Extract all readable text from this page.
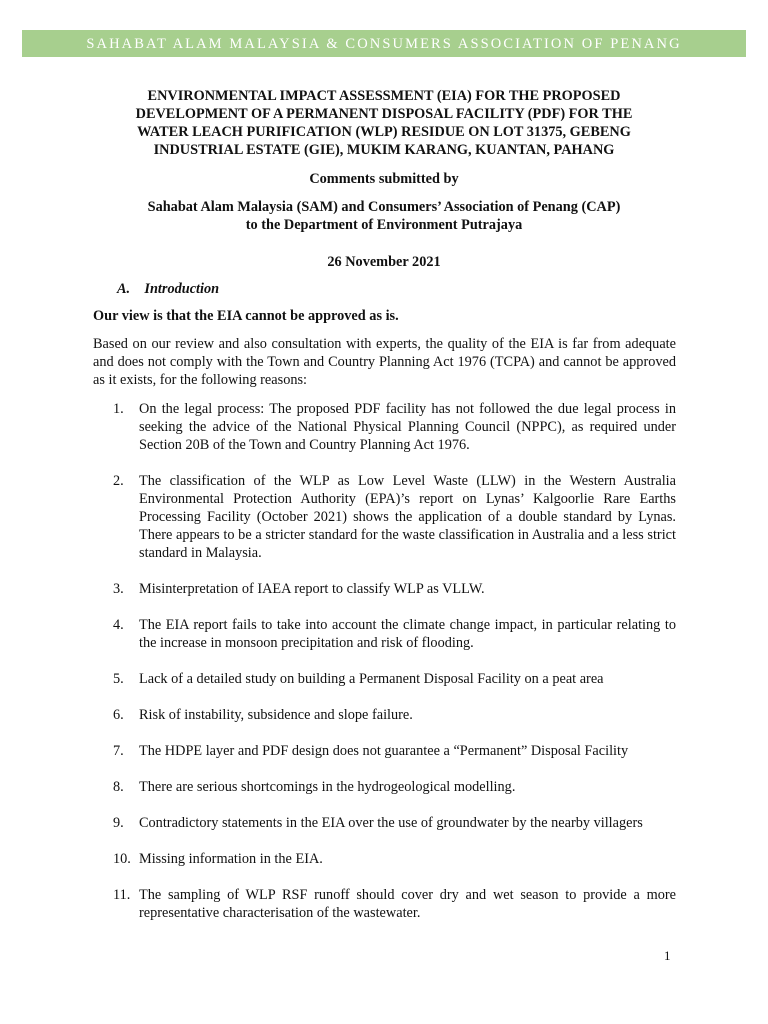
SAHABAT ALAM MALAYSIA & CONSUMERS ASSOCIATION OF PENANG
ENVIRONMENTAL IMPACT ASSESSMENT (EIA) FOR THE PROPOSED
DEVELOPMENT OF A PERMANENT DISPOSAL FACILITY (PDF) FOR THE
WATER LEACH PURIFICATION (WLP) RESIDUE ON LOT 31375, GEBENG
INDUSTRIAL ESTATE (GIE), MUKIM KARANG, KUANTAN, PAHANG
Comments submitted by
Sahabat Alam Malaysia (SAM) and Consumers’ Association of Penang (CAP)
to the Department of Environment Putrajaya
26 November 2021
A. Introduction
Our view is that the EIA cannot be approved as is.
Based on our review and also consultation with experts, the quality of the EIA is far from adequate and does not comply with the Town and Country Planning Act 1976 (TCPA) and cannot be approved as it exists, for the following reasons:
1.	On the legal process: The proposed PDF facility has not followed the due legal process in seeking the advice of the National Physical Planning Council (NPPC), as required under Section 20B of the Town and Country Planning Act 1976.
2.	The classification of the WLP as Low Level Waste (LLW) in the Western Australia Environmental Protection Authority (EPA)’s report on Lynas’ Kalgoorlie Rare Earths Processing Facility (October 2021) shows the application of a double standard by Lynas. There appears to be a stricter standard for the waste classification in Australia and a less strict standard in Malaysia.
3.	Misinterpretation of IAEA report to classify WLP as VLLW.
4.	The EIA report fails to take into account the climate change impact, in particular relating to the increase in monsoon precipitation and risk of flooding.
5.	Lack of a detailed study on building a Permanent Disposal Facility on a peat area
6.	Risk of instability, subsidence and slope failure.
7.	The HDPE layer and PDF design does not guarantee a “Permanent” Disposal Facility
8.	There are serious shortcomings in the hydrogeological modelling.
9.	Contradictory statements in the EIA over the use of groundwater by the nearby villagers
10. Missing information in the EIA.
11. The sampling of WLP RSF runoff should cover dry and wet season to provide a more representative characterisation of the wastewater.
1
